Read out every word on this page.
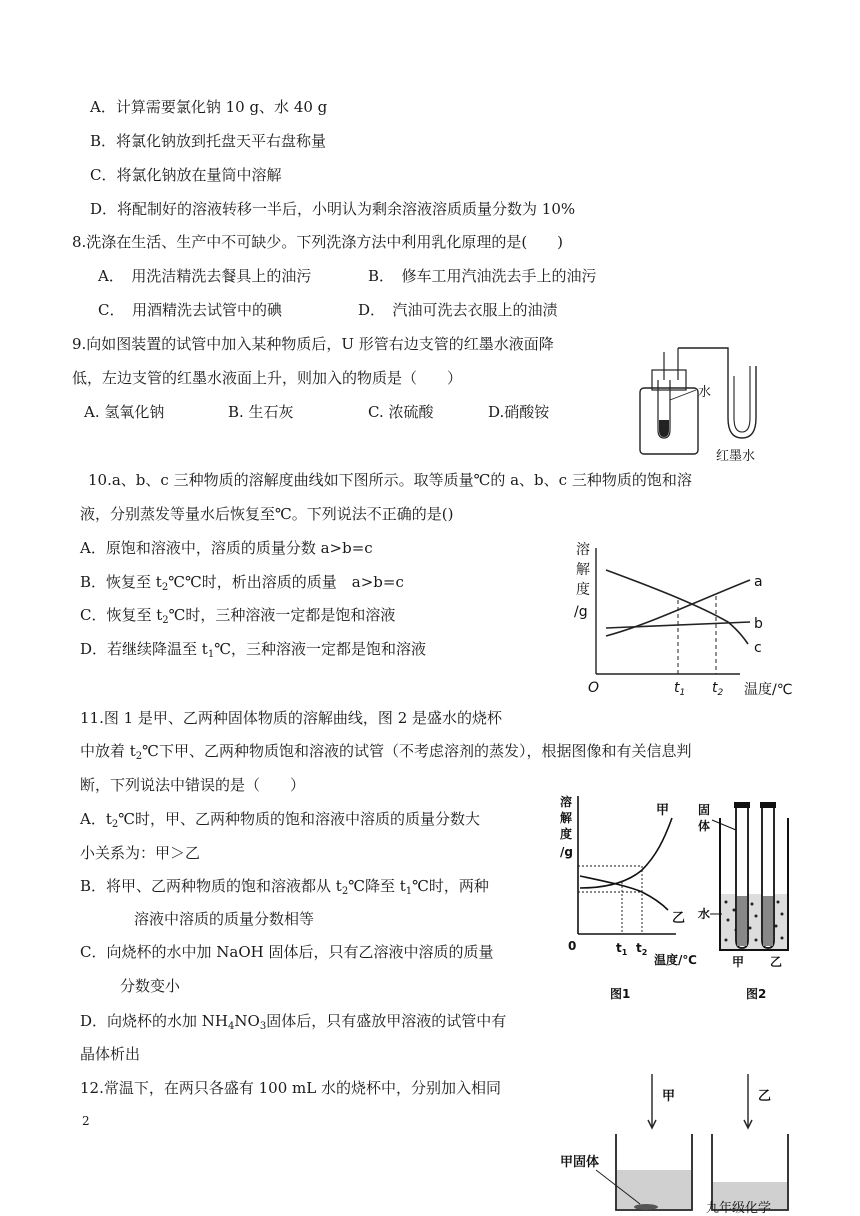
A．计算需要氯化钠 10 g、水 40 g
B．将氯化钠放到托盘天平右盘称量
C．将氯化钠放在量筒中溶解
D．将配制好的溶液转移一半后，小明认为剩余溶液溶质质量分数为 10%
8.洗涤在生活、生产中不可缺少。下列洗涤方法中利用乳化原理的是(　　)
A．　用洗洁精洗去餐具上的油污	B．　修车工用汽油洗去手上的油污
C．　用酒精洗去试管中的碘	D．　汽油可洗去衣服上的油渍
9.向如图装置的试管中加入某种物质后，U 形管右边支管的红墨水液面降
低，左边支管的红墨水液面上升，则加入的物质是（　　）
A. 氢氧化钠	B. 生石灰	C. 浓硫酸	D.硝酸铵
水
红墨水
10.a、b、c 三种物质的溶解度曲线如下图所示。取等质量℃的 a、b、c 三种物质的饱和溶
液，分别蒸发等量水后恢复至℃。下列说法不正确的是()
A．原饱和溶液中，溶质的质量分数 a>b=c
B．恢复至 $t_2℃℃$时，析出溶质的质量　a>b=c
C．恢复至 $t_2℃$时，三种溶液一定都是饱和溶液
D．若继续降温至 $t_1℃$，三种溶液一定都是饱和溶液
溶
解
度
/g
a
b
c
O	$t_1$ $t_2$ 温度/℃
11.图 1 是甲、乙两种固体物质的溶解曲线，图 2 是盛水的烧杯
中放着 $t_2℃$下甲、乙两种物质饱和溶液的试管（不考虑溶剂的蒸发），根据图像和有关信息判
断，下列说法中错误的是（　　）
A．$t_2℃$时，甲、乙两种物质的饱和溶液中溶质的质量分数大
小关系为：甲＞乙
B．将甲、乙两种物质的饱和溶液都从 $t_2℃$降至 $t_1℃$时，两种
溶液中溶质的质量分数相等
C．向烧杯的水中加 NaOH 固体后，只有乙溶液中溶质的质量
分数变小
D．向烧杯的水加 $NH_4NO_3$固体后，只有盛放甲溶液的试管中有
晶体析出
溶
解
度
/g
甲
乙
0	$t_1$ $t_2$
温度/℃
图1
固
体
水
甲 乙
图2
12.常温下，在两只各盛有 100 mL 水的烧杯中，分别加入相同	甲	乙
甲固体
九年级化学
2
